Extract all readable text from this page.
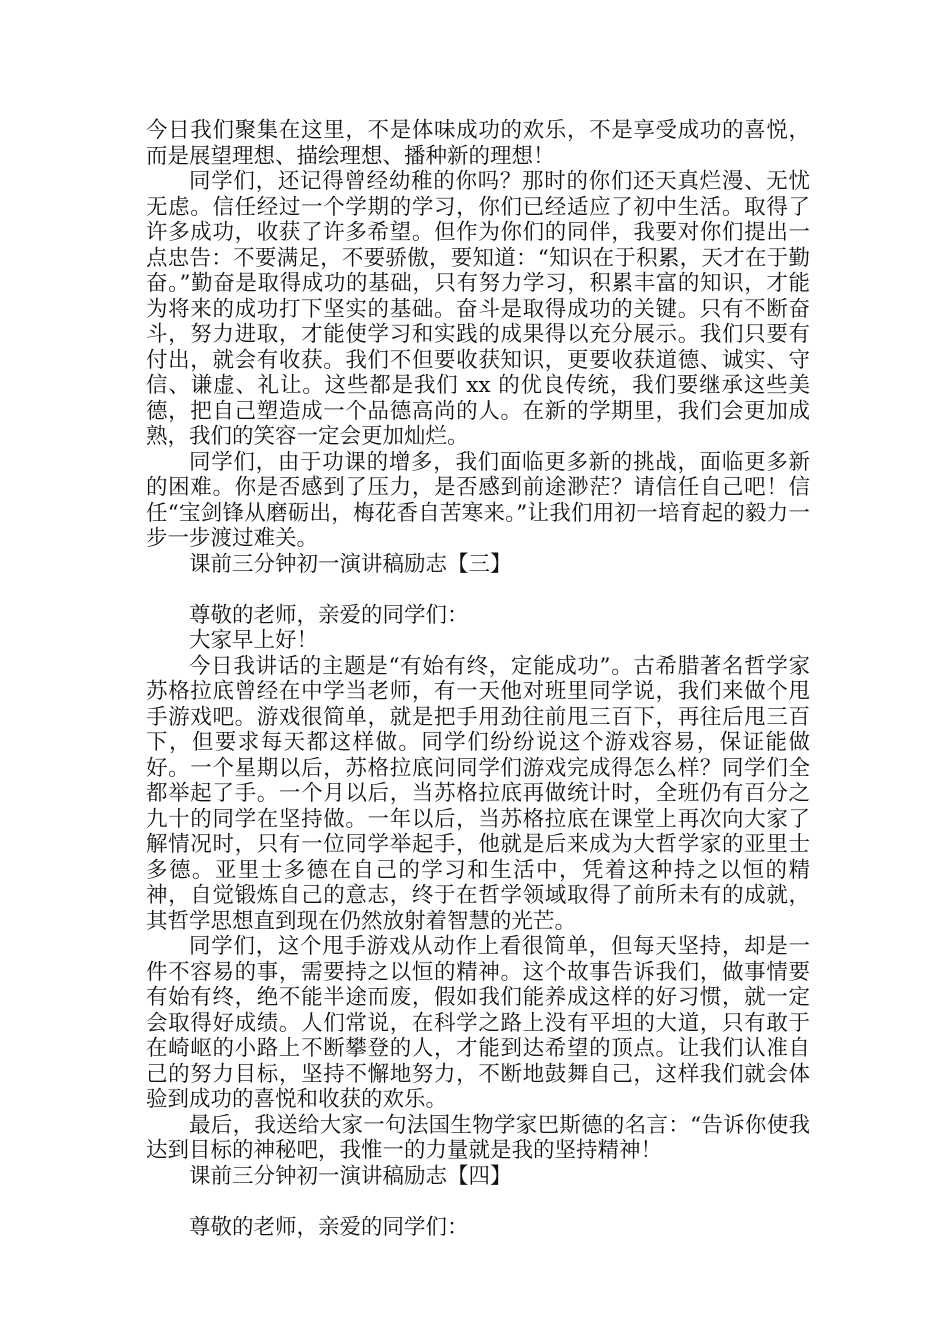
今日我们聚集在这里，不是体味成功的欢乐，不是享受成功的喜悦，而是展望理想、描绘理想、播种新的理想！

同学们，还记得曾经幼稚的你吗？那时的你们还天真烂漫、无忧无虑。信任经过一个学期的学习，你们已经适应了初中生活。取得了许多成功，收获了许多希望。但作为你们的同伴，我要对你们提出一点忠告：不要满足，不要骄傲，要知道：“知识在于积累，天才在于勤奋。”勤奋是取得成功的基础，只有努力学习，积累丰富的知识，才能为将来的成功打下坚实的基础。奋斗是取得成功的关键。只有不断奋斗，努力进取，才能使学习和实践的成果得以充分展示。我们只要有付出，就会有收获。我们不但要收获知识，更要收获道德、诚实、守信、谦虚、礼让。这些都是我们 xx 的优良传统，我们要继承这些美德，把自己塑造成一个品德高尚的人。在新的学期里，我们会更加成熟，我们的笑容一定会更加灿烂。

同学们，由于功课的增多，我们面临更多新的挑战，面临更多新的困难。你是否感到了压力，是否感到前途渺茫？请信任自己吧！信任“宝剑锋从磨砺出，梅花香自苦寒来。”让我们用初一培育起的毅力一步一步渡过难关。

课前三分钟初一演讲稿励志【三】

尊敬的老师，亲爱的同学们：

大家早上好！

今日我讲话的主题是“有始有终，定能成功”。古希腊著名哲学家苏格拉底曾经在中学当老师，有一天他对班里同学说，我们来做个甩手游戏吧。游戏很简单，就是把手用劲往前甩三百下，再往后甩三百下，但要求每天都这样做。同学们纷纷说这个游戏容易，保证能做好。一个星期以后，苏格拉底问同学们游戏完成得怎么样？同学们全都举起了手。一个月以后，当苏格拉底再做统计时，全班仍有百分之九十的同学在坚持做。一年以后，当苏格拉底在课堂上再次向大家了解情况时，只有一位同学举起手，他就是后来成为大哲学家的亚里士多德。亚里士多德在自己的学习和生活中，凭着这种持之以恒的精神，自觉锻炼自己的意志，终于在哲学领域取得了前所未有的成就，其哲学思想直到现在仍然放射着智慧的光芒。

同学们，这个甩手游戏从动作上看很简单，但每天坚持，却是一件不容易的事，需要持之以恒的精神。这个故事告诉我们，做事情要有始有终，绝不能半途而废，假如我们能养成这样的好习惯，就一定会取得好成绩。人们常说，在科学之路上没有平坦的大道，只有敢于在崎岖的小路上不断攀登的人，才能到达希望的顶点。让我们认准自己的努力目标，坚持不懈地努力，不断地鼓舞自己，这样我们就会体验到成功的喜悦和收获的欢乐。

最后，我送给大家一句法国生物学家巴斯德的名言：“告诉你使我达到目标的神秘吧，我惟一的力量就是我的坚持精神！

课前三分钟初一演讲稿励志【四】

尊敬的老师，亲爱的同学们：
